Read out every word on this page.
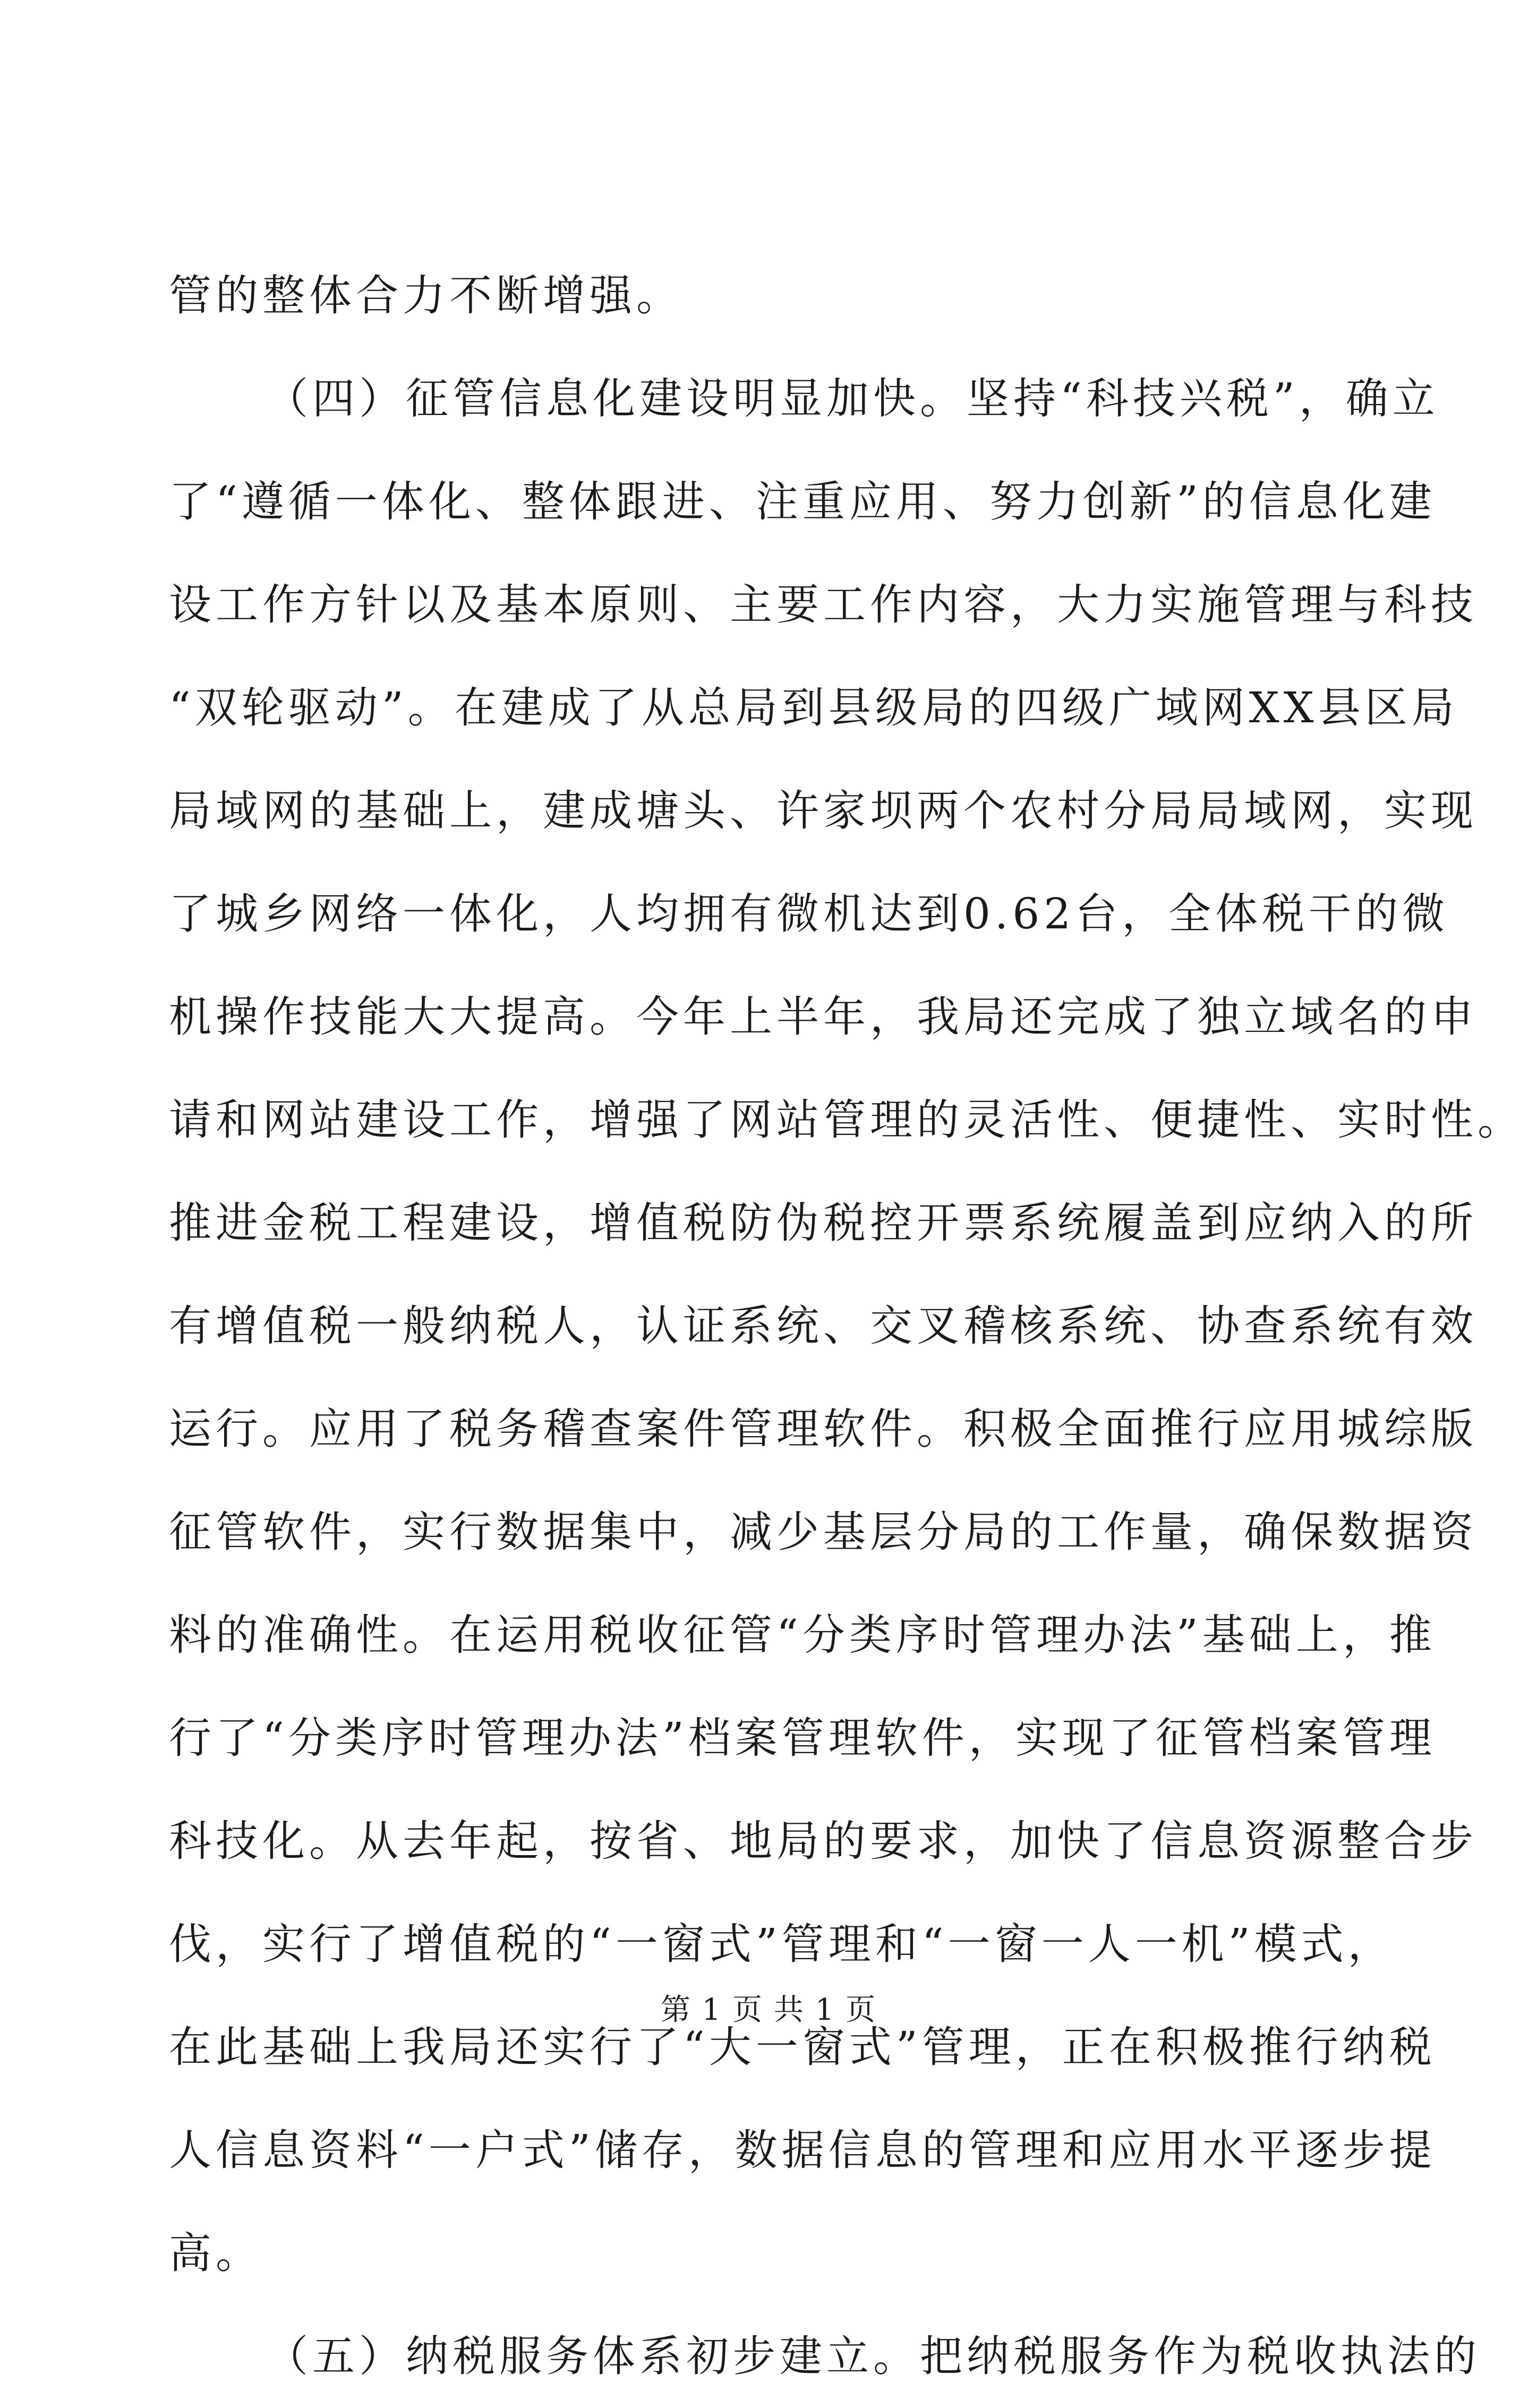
管的整体合力不断增强。
（四）征管信息化建设明显加快。坚持“科技兴税”，确立
了“遵循一体化、整体跟进、注重应用、努力创新”的信息化建
设工作方针以及基本原则、主要工作内容，大力实施管理与科技
“双轮驱动”。在建成了从总局到县级局的四级广域网XX县区局
局域网的基础上，建成塘头、许家坝两个农村分局局域网，实现
了城乡网络一体化，人均拥有微机达到0.62台，全体税干的微
机操作技能大大提高。今年上半年，我局还完成了独立域名的申
请和网站建设工作，增强了网站管理的灵活性、便捷性、实时性。
推进金税工程建设，增值税防伪税控开票系统履盖到应纳入的所
有增值税一般纳税人，认证系统、交叉稽核系统、协查系统有效
运行。应用了税务稽查案件管理软件。积极全面推行应用城综版
征管软件，实行数据集中，减少基层分局的工作量，确保数据资
料的准确性。在运用税收征管“分类序时管理办法”基础上，推
行了“分类序时管理办法”档案管理软件，实现了征管档案管理
科技化。从去年起，按省、地局的要求，加快了信息资源整合步
伐，实行了增值税的“一窗式”管理和“一窗一人一机”模式，
在此基础上我局还实行了“大一窗式”管理，正在积极推行纳税
人信息资料“一户式”储存，数据信息的管理和应用水平逐步提
高。
（五）纳税服务体系初步建立。把纳税服务作为税收执法的
第 1 页 共 1 页
